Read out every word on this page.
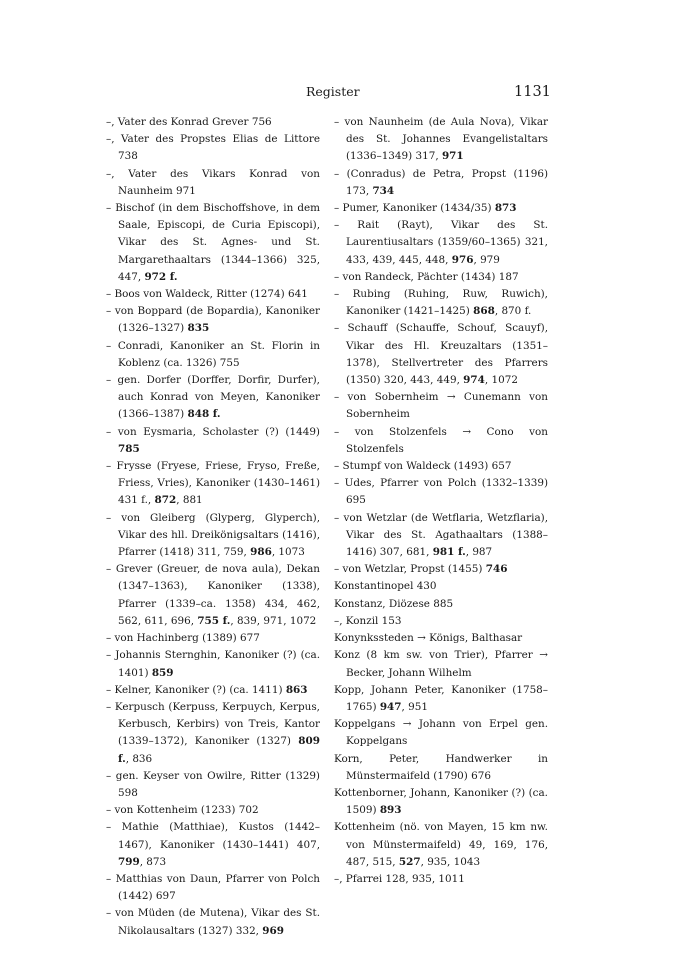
Register	1131
–, Vater des Konrad Grever 756
–, Vater des Propstes Elias de Littore 738
–, Vater des Vikars Konrad von Naunheim 971
– Bischof (in dem Bischoffshove, in dem Saale, Episcopi, de Curia Episcopi), Vikar des St. Agnes- und St. Margarethaaltars (1344–1366) 325, 447, 972 f.
– Boos von Waldeck, Ritter (1274) 641
– von Boppard (de Bopardia), Kanoniker (1326–1327) 835
– Conradi, Kanoniker an St. Florin in Koblenz (ca. 1326) 755
– gen. Dorfer (Dorffer, Dorfir, Durfer), auch Konrad von Meyen, Kanoniker (1366–1387) 848 f.
– von Eysmaria, Scholaster (?) (1449) 785
– Frysse (Fryese, Friese, Fryso, Freße, Friess, Vries), Kanoniker (1430–1461) 431 f., 872, 881
– von Gleiberg (Glyperg, Glyperch), Vikar des hll. Dreikönigsaltars (1416), Pfarrer (1418) 311, 759, 986, 1073
– Grever (Greuer, de nova aula), Dekan (1347–1363), Kanoniker (1338), Pfarrer (1339–ca. 1358) 434, 462, 562, 611, 696, 755 f., 839, 971, 1072
– von Hachinberg (1389) 677
– Johannis Sternghin, Kanoniker (?) (ca. 1401) 859
– Kelner, Kanoniker (?) (ca. 1411) 863
– Kerpusch (Kerpuss, Kerpuych, Kerpus, Kerbusch, Kerbirs) von Treis, Kantor (1339–1372), Kanoniker (1327) 809 f., 836
– gen. Keyser von Owilre, Ritter (1329) 598
– von Kottenheim (1233) 702
– Mathie (Matthiae), Kustos (1442–1467), Kanoniker (1430–1441) 407, 799, 873
– Matthias von Daun, Pfarrer von Polch (1442) 697
– von Müden (de Mutena), Vikar des St. Nikolausaltars (1327) 332, 969
– von Naunheim (de Aula Nova), Vikar des St. Johannes Evangelistaltars (1336–1349) 317, 971
– (Conradus) de Petra, Propst (1196) 173, 734
– Pumer, Kanoniker (1434/35) 873
– Rait (Rayt), Vikar des St. Laurentiusaltars (1359/60–1365) 321, 433, 439, 445, 448, 976, 979
– von Randeck, Pächter (1434) 187
– Rubing (Ruhing, Ruw, Ruwich), Kanoniker (1421–1425) 868, 870 f.
– Schauff (Schauffe, Schouf, Scauyf), Vikar des Hl. Kreuzaltars (1351–1378), Stellvertreter des Pfarrers (1350) 320, 443, 449, 974, 1072
– von Sobernheim → Cunemann von Sobernheim
– von Stolzenfels → Cono von Stolzenfels
– Stumpf von Waldeck (1493) 657
– Udes, Pfarrer von Polch (1332–1339) 695
– von Wetzlar (de Wetflaria, Wetzflaria), Vikar des St. Agathaaltars (1388–1416) 307, 681, 981 f., 987
– von Wetzlar, Propst (1455) 746
Konstantinopel 430
Konstanz, Diözese 885
–, Konzil 153
Konynkssteden → Königs, Balthasar
Konz (8 km sw. von Trier), Pfarrer → Becker, Johann Wilhelm
Kopp, Johann Peter, Kanoniker (1758–1765) 947, 951
Koppelgans → Johann von Erpel gen. Koppelgans
Korn, Peter, Handwerker in Münstermaifeld (1790) 676
Kottenborner, Johann, Kanoniker (?) (ca. 1509) 893
Kottenheim (nö. von Mayen, 15 km nw. von Münstermaifeld) 49, 169, 176, 487, 515, 527, 935, 1043
–, Pfarrei 128, 935, 1011
